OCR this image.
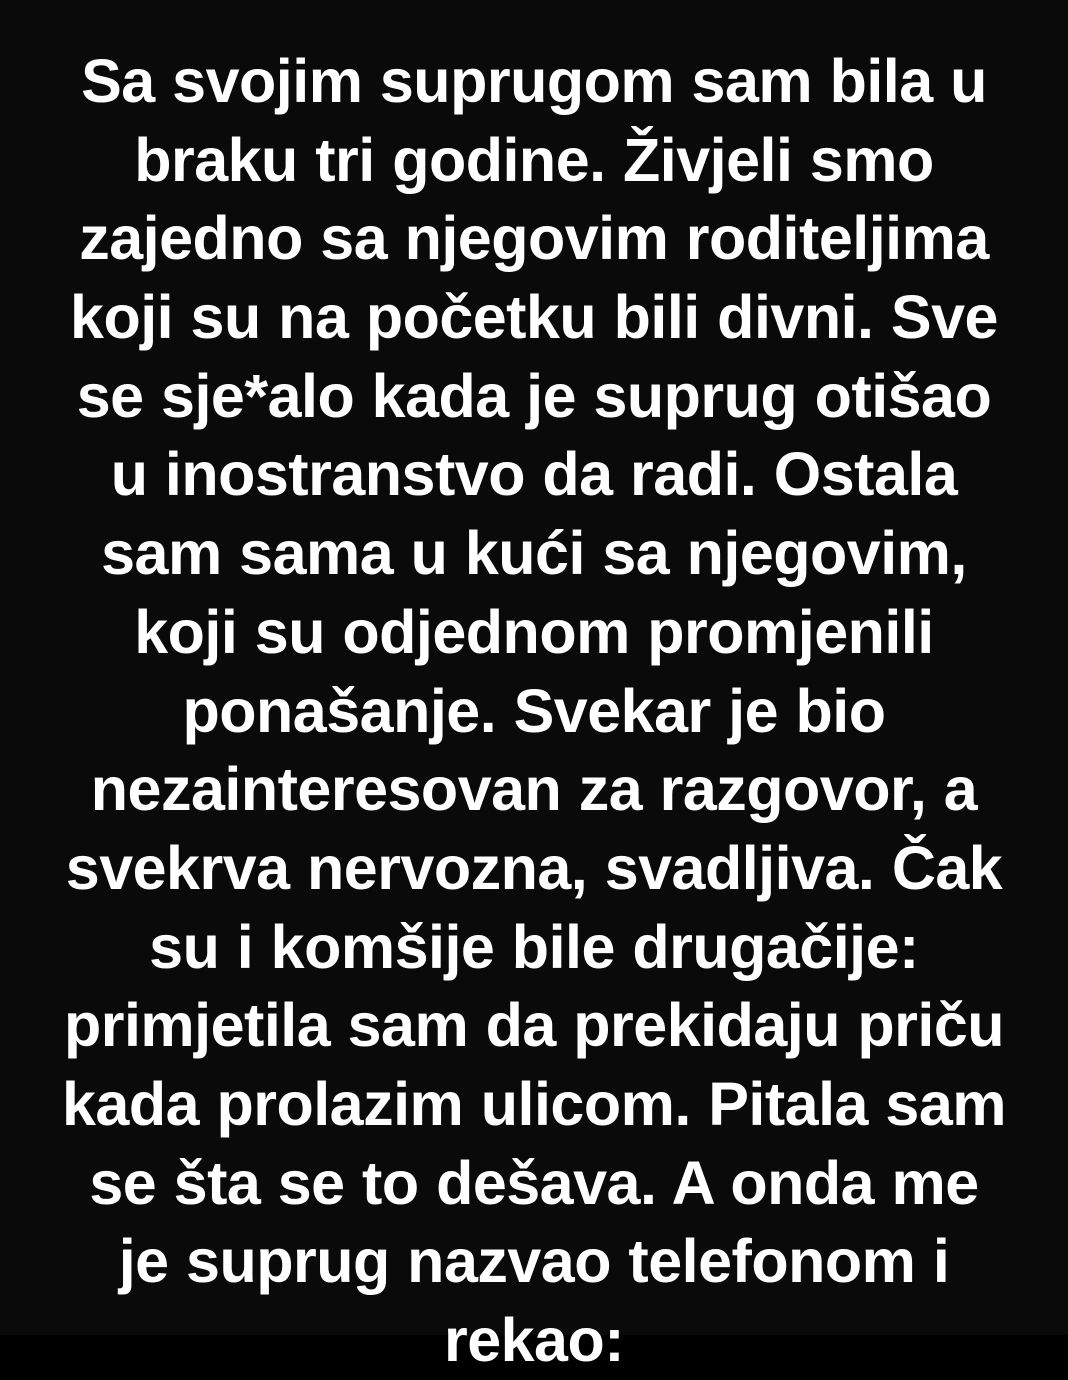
Sa svojim suprugom sam bila u braku tri godine. Živjeli smo zajedno sa njegovim roditeljima koji su na početku bili divni. Sve se sje*alo kada je suprug otišao u inostranstvo da radi. Ostala sam sama u kući sa njegovim, koji su odjednom promjenili ponašanje. Svekar je bio nezainteresovan za razgovor, a svekrva nervozna, svadljiva. Čak su i komšije bile drugačije: primjetila sam da prekidaju priču kada prolazim ulicom. Pitala sam se šta se to dešava. A onda me je suprug nazvao telefonom i rekao:
